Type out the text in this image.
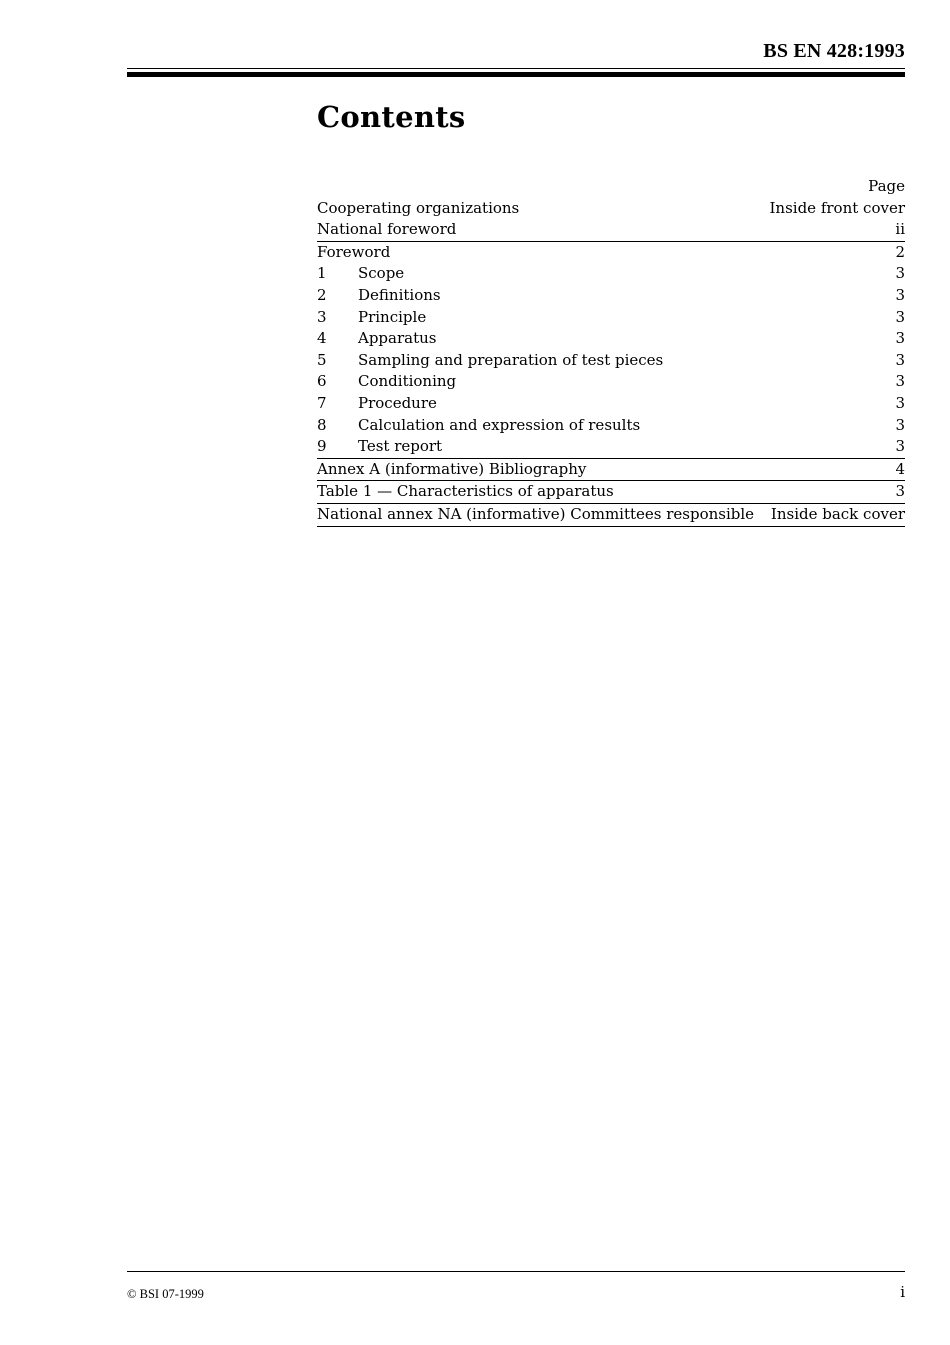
BS EN 428:1993
Contents
Page
Cooperating organizations	Inside front cover
National foreword	ii
Foreword	2
1	Scope	3
2	Definitions	3
3	Principle	3
4	Apparatus	3
5	Sampling and preparation of test pieces	3
6	Conditioning	3
7	Procedure	3
8	Calculation and expression of results	3
9	Test report	3
Annex A (informative) Bibliography	4
Table 1 — Characteristics of apparatus	3
National annex NA (informative) Committees responsible Inside back cover
© BSI 07-1999	i
